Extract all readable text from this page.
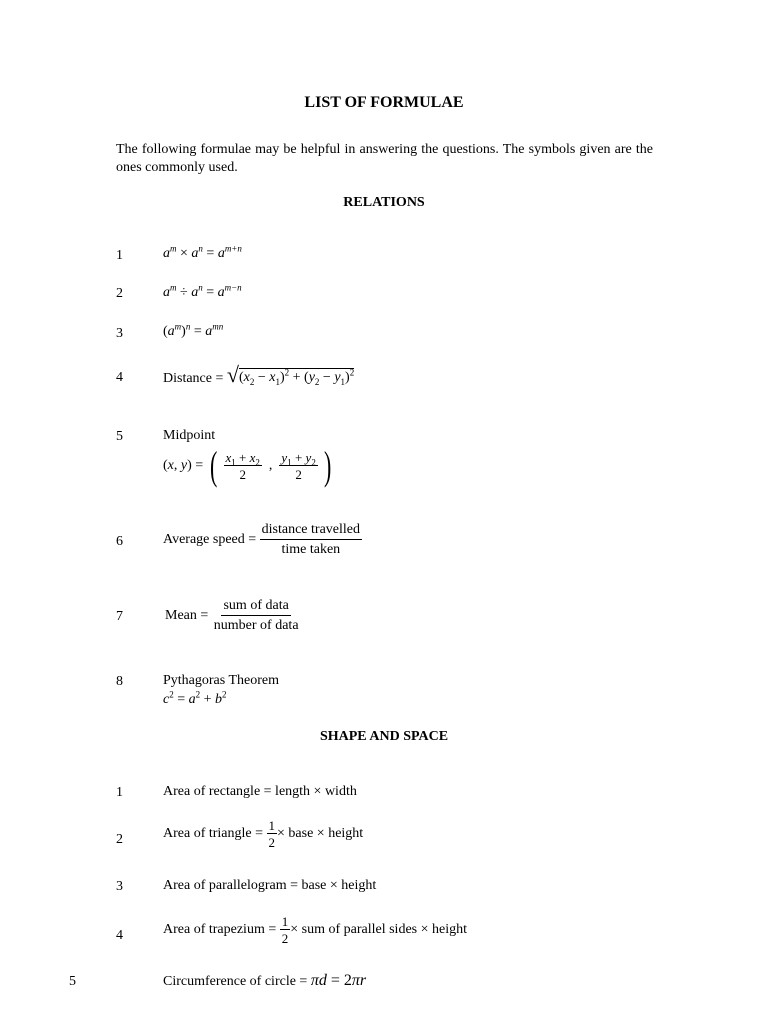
LIST OF FORMULAE
The following formulae may be helpful in answering the questions. The symbols given are the ones commonly used.
RELATIONS
1	$a^m \times a^n = a^{m+n}$
2	$a^m \div a^n = a^{m-n}$
3	$(a^m)^n = a^{mn}$
4	Distance = √ $(x_2 - x_1)^2 + (y_2 - y_1)^2$
5	Midpoint
(x, y) = ( $\frac{x_1 + x_2}{2}$ , $\frac{y_1 + y_2}{2}$ )
6	Average speed = $\frac{\text{distance travelled}}{\text{time taken}}$
7	Mean = $\frac{\text{sum of data}}{\text{number of data}}$
8	Pythagoras Theorem
$c^2 = a^2 + b^2$
SHAPE AND SPACE
1	Area of rectangle = length × width
2	Area of triangle = $\frac{1}{2}$ × base × height
3	Area of parallelogram = base × height
4	Area of trapezium = $\frac{1}{2}$ × sum of parallel sides × height
5	Circumference of circle = πd = 2πr
